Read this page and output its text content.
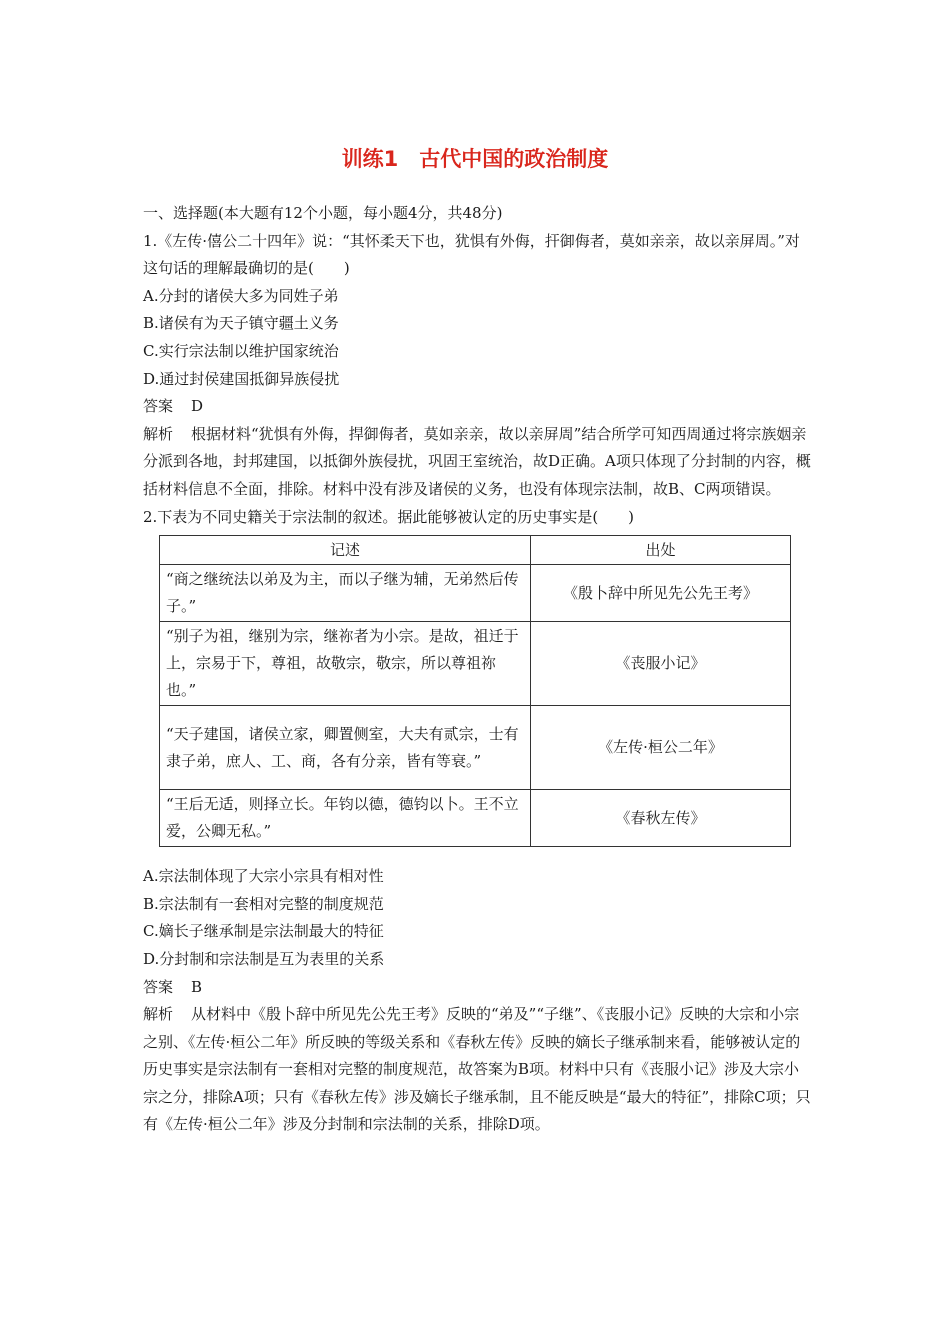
训练1　古代中国的政治制度

一、选择题(本大题有12个小题，每小题4分，共48分)

1.《左传·僖公二十四年》说：“其怀柔天下也，犹惧有外侮，扞御侮者，莫如亲亲，故以亲屏周。”对这句话的理解最确切的是(　　)

A.分封的诸侯大多为同姓子弟

B.诸侯有为天子镇守疆土义务

C.实行宗法制以维护国家统治

D.通过封侯建国抵御异族侵扰

答案 D

解析 根据材料“犹惧有外侮，捍御侮者，莫如亲亲，故以亲屏周”结合所学可知西周通过将宗族姻亲分派到各地，封邦建国，以抵御外族侵扰，巩固王室统治，故D正确。A项只体现了分封制的内容，概括材料信息不全面，排除。材料中没有涉及诸侯的义务，也没有体现宗法制，故B、C两项错误。

2.下表为不同史籍关于宗法制的叙述。据此能够被认定的历史事实是(　　)

记述	出处
“商之继统法以弟及为主，而以子继为辅，无弟然后传子。”	《殷卜辞中所见先公先王考》
“别子为祖，继别为宗，继祢者为小宗。是故，祖迁于上，宗易于下，尊祖，故敬宗，敬宗，所以尊祖祢也。”	《丧服小记》
“天子建国，诸侯立家，卿置侧室，大夫有贰宗，士有隶子弟，庶人、工、商，各有分亲，皆有等衰。”	《左传·桓公二年》
“王后无适，则择立长。年钧以德，德钧以卜。王不立爱，公卿无私。”	《春秋左传》

A.宗法制体现了大宗小宗具有相对性

B.宗法制有一套相对完整的制度规范

C.嫡长子继承制是宗法制最大的特征

D.分封制和宗法制是互为表里的关系

答案 B

解析 从材料中《殷卜辞中所见先公先王考》反映的“弟及”“子继”、《丧服小记》反映的大宗和小宗之别、《左传·桓公二年》所反映的等级关系和《春秋左传》反映的嫡长子继承制来看，能够被认定的历史事实是宗法制有一套相对完整的制度规范，故答案为B项。材料中只有《丧服小记》涉及大宗小宗之分，排除A项；只有《春秋左传》涉及嫡长子继承制，且不能反映是“最大的特征”，排除C项；只有《左传·桓公二年》涉及分封制和宗法制的关系，排除D项。
